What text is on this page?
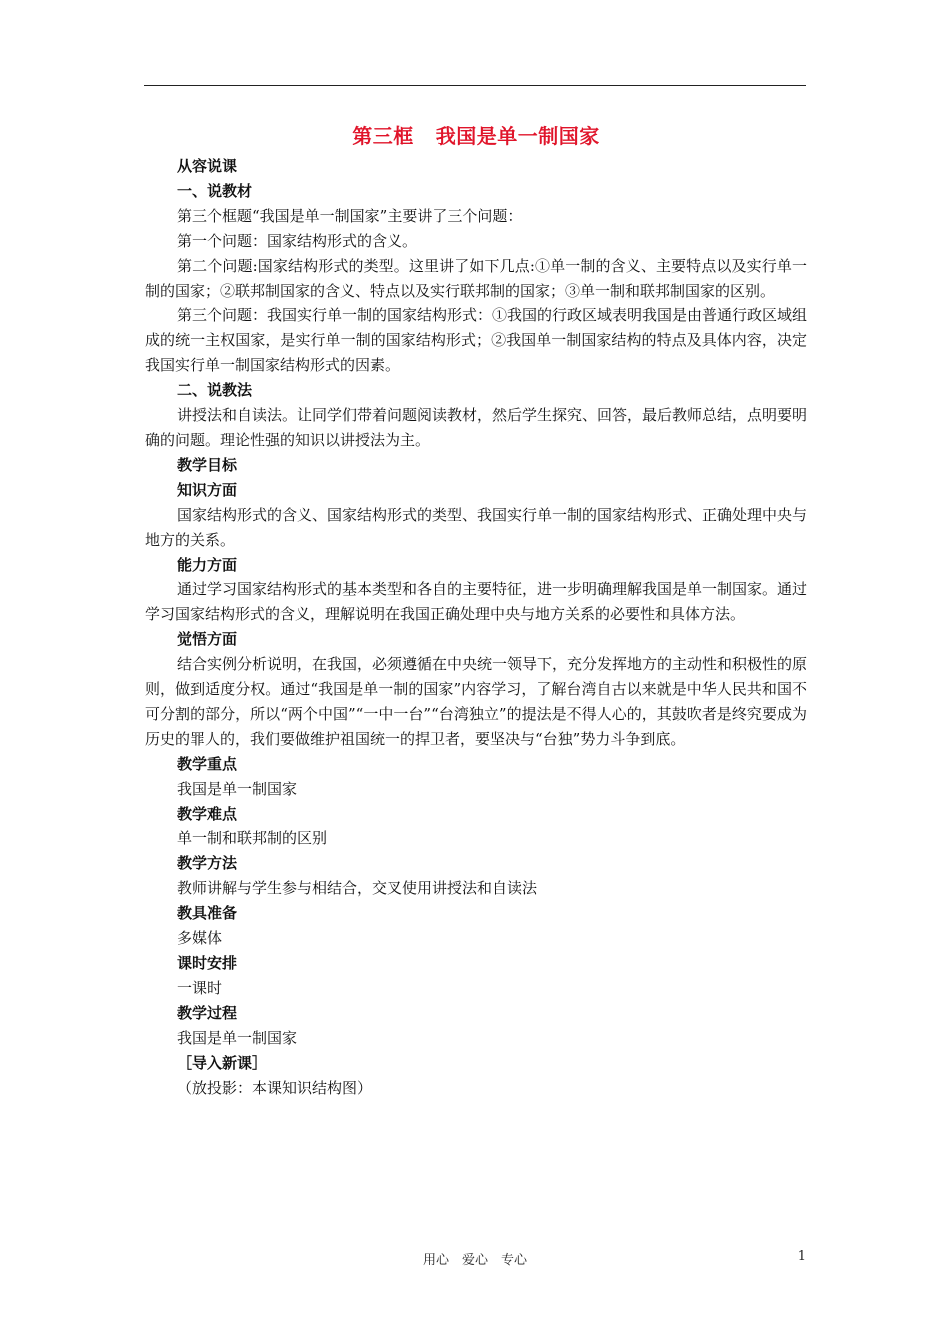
第三框 我国是单一制国家
从容说课
一、说教材
第三个框题“我国是单一制国家”主要讲了三个问题：
第一个问题：国家结构形式的含义。
第二个问题:国家结构形式的类型。这里讲了如下几点:①单一制的含义、主要特点以及实行单一制的国家；②联邦制国家的含义、特点以及实行联邦制的国家；③单一制和联邦制国家的区别。
第三个问题：我国实行单一制的国家结构形式：①我国的行政区域表明我国是由普通行政区域组成的统一主权国家，是实行单一制的国家结构形式；②我国单一制国家结构的特点及具体内容，决定我国实行单一制国家结构形式的因素。
二、说教法
讲授法和自读法。让同学们带着问题阅读教材，然后学生探究、回答，最后教师总结，点明要明确的问题。理论性强的知识以讲授法为主。
教学目标
知识方面
国家结构形式的含义、国家结构形式的类型、我国实行单一制的国家结构形式、正确处理中央与地方的关系。
能力方面
通过学习国家结构形式的基本类型和各自的主要特征，进一步明确理解我国是单一制国家。通过学习国家结构形式的含义，理解说明在我国正确处理中央与地方关系的必要性和具体方法。
觉悟方面
结合实例分析说明，在我国，必须遵循在中央统一领导下，充分发挥地方的主动性和积极性的原则，做到适度分权。通过“我国是单一制的国家”内容学习，了解台湾自古以来就是中华人民共和国不可分割的部分，所以“两个中国”“一中一台”“台湾独立”的提法是不得人心的，其鼓吹者是终究要成为历史的罪人的，我们要做维护祖国统一的捍卫者，要坚决与“台独”势力斗争到底。
教学重点
我国是单一制国家
教学难点
单一制和联邦制的区别
教学方法
教师讲解与学生参与相结合，交叉使用讲授法和自读法
教具准备
多媒体
课时安排
一课时
教学过程
我国是单一制国家
［导入新课］
（放投影：本课知识结构图）
用心　爱心　专心	1
